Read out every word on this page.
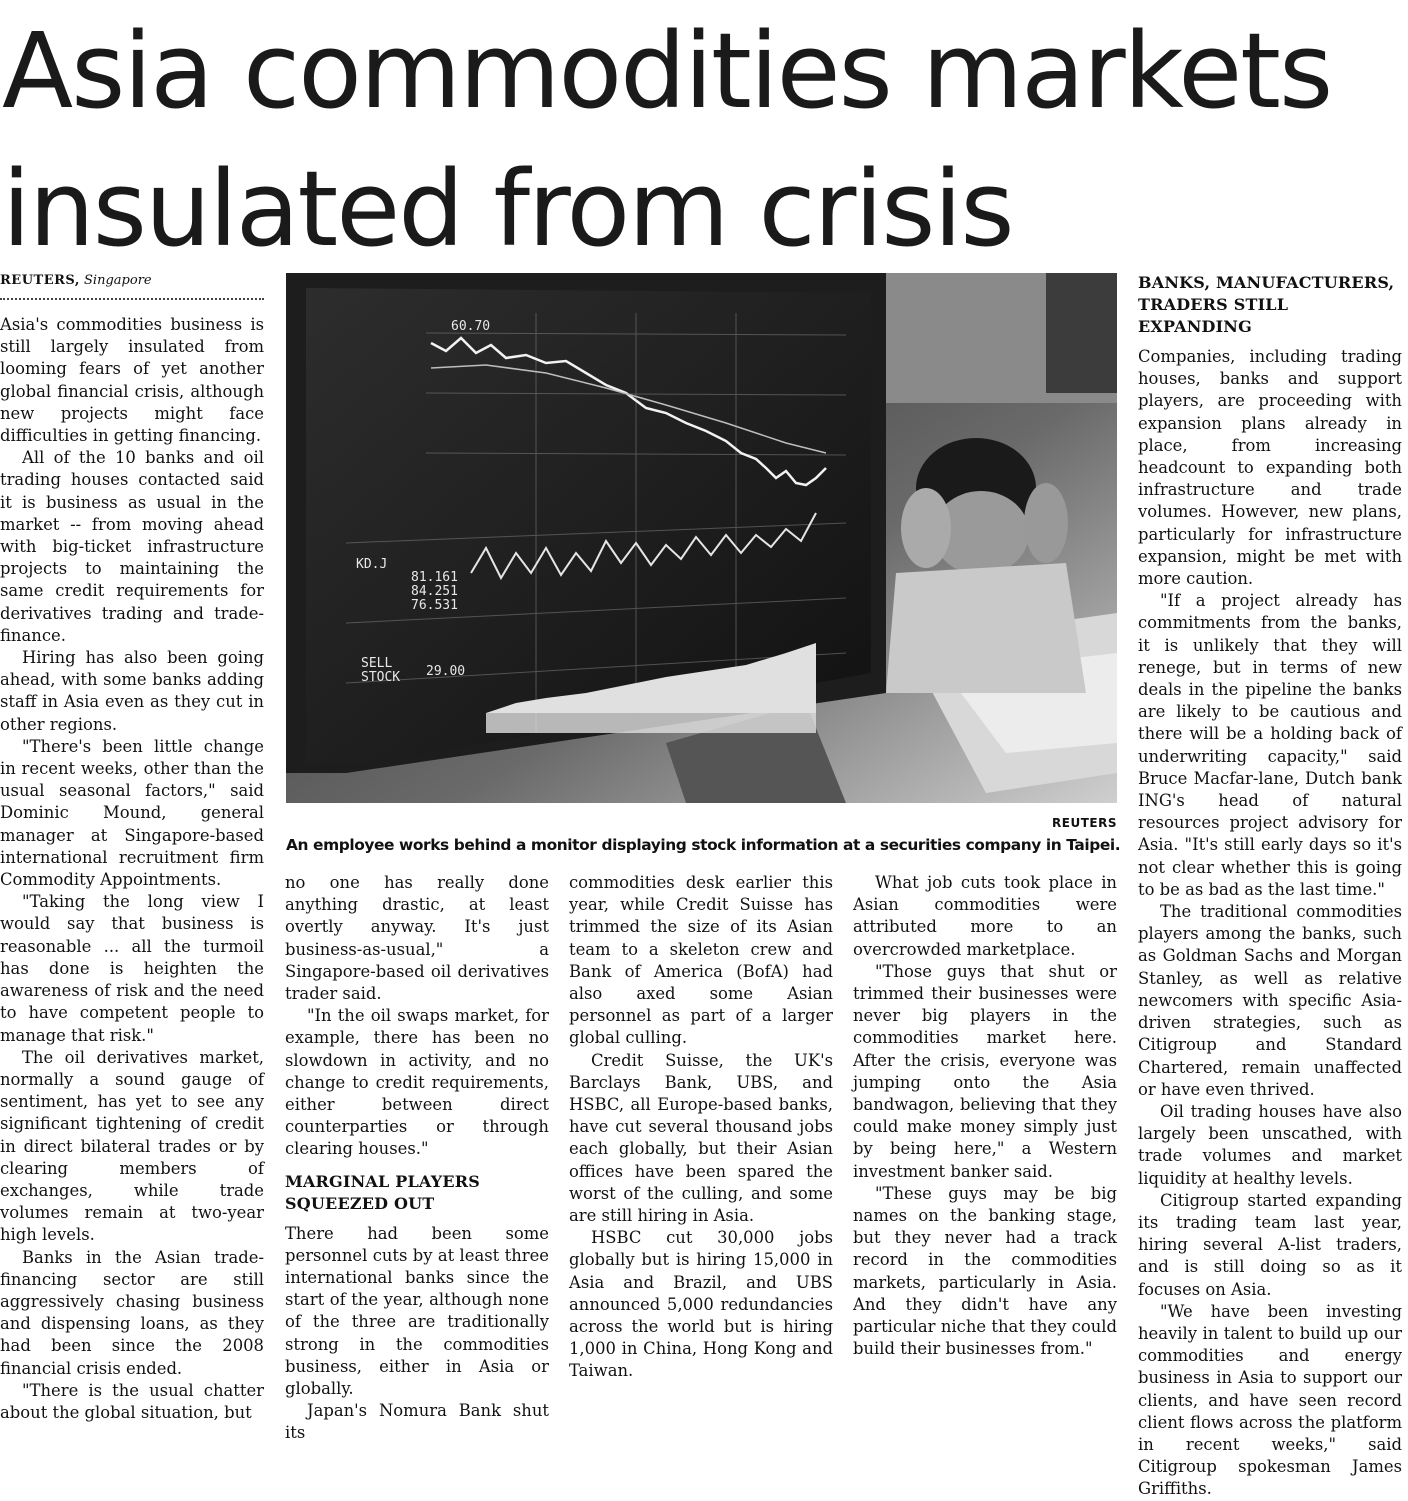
Asia commodities markets insulated from crisis
REUTERS, Singapore

Asia's commodities business is still largely insulated from looming fears of yet another global financial crisis, although new projects might face difficulties in getting financing.

All of the 10 banks and oil trading houses contacted said it is business as usual in the market -- from moving ahead with big-ticket infrastructure projects to maintaining the same credit requirements for derivatives trading and trade-finance.

Hiring has also been going ahead, with some banks adding staff in Asia even as they cut in other regions.

"There's been little change in recent weeks, other than the usual seasonal factors," said Dominic Mound, general manager at Singapore-based international recruitment firm Commodity Appointments.

"Taking the long view I would say that business is reasonable ... all the turmoil has done is heighten the awareness of risk and the need to have competent people to manage that risk."

The oil derivatives market, normally a sound gauge of sentiment, has yet to see any significant tightening of credit in direct bilateral trades or by clearing members of exchanges, while trade volumes remain at two-year high levels.

Banks in the Asian trade-financing sector are still aggressively chasing business and dispensing loans, as they had been since the 2008 financial crisis ended.

"There is the usual chatter about the global situation, but

60.70
KD.J
81.161
84.251
76.531
SELL
STOCK 29.00
REUTERS
An employee works behind a monitor displaying stock information at a securities company in Taipei.

no one has really done anything drastic, at least overtly anyway. It's just business-as-usual," a Singapore-based oil derivatives trader said.

"In the oil swaps market, for example, there has been no slowdown in activity, and no change to credit requirements, either between direct counterparties or through clearing houses."

MARGINAL PLAYERS SQUEEZED OUT

There had been some personnel cuts by at least three international banks since the start of the year, although none of the three are traditionally strong in the commodities business, either in Asia or globally.

Japan's Nomura Bank shut its

commodities desk earlier this year, while Credit Suisse has trimmed the size of its Asian team to a skeleton crew and Bank of America (BofA) had also axed some Asian personnel as part of a larger global culling.

Credit Suisse, the UK's Barclays Bank, UBS, and HSBC, all Europe-based banks, have cut several thousand jobs each globally, but their Asian offices have been spared the worst of the culling, and some are still hiring in Asia.

HSBC cut 30,000 jobs globally but is hiring 15,000 in Asia and Brazil, and UBS announced 5,000 redundancies across the world but is hiring 1,000 in China, Hong Kong and Taiwan.

What job cuts took place in Asian commodities were attributed more to an overcrowded marketplace.

"Those guys that shut or trimmed their businesses were never big players in the commodities market here. After the crisis, everyone was jumping onto the Asia bandwagon, believing that they could make money simply just by being here," a Western investment banker said.

"These guys may be big names on the banking stage, but they never had a track record in the commodities markets, particularly in Asia. And they didn't have any particular niche that they could build their businesses from."

BANKS, MANUFACTURERS, TRADERS STILL EXPANDING

Companies, including trading houses, banks and support players, are proceeding with expansion plans already in place, from increasing headcount to expanding both infrastructure and trade volumes. However, new plans, particularly for infrastructure expansion, might be met with more caution.

"If a project already has commitments from the banks, it is unlikely that they will renege, but in terms of new deals in the pipeline the banks are likely to be cautious and there will be a holding back of underwriting capacity," said Bruce Macfar-lane, Dutch bank ING's head of natural resources project advisory for Asia. "It's still early days so it's not clear whether this is going to be as bad as the last time."

The traditional commodities players among the banks, such as Goldman Sachs and Morgan Stanley, as well as relative newcomers with specific Asia-driven strategies, such as Citigroup and Standard Chartered, remain unaffected or have even thrived.

Oil trading houses have also largely been unscathed, with trade volumes and market liquidity at healthy levels.

Citigroup started expanding its trading team last year, hiring several A-list traders, and is still doing so as it focuses on Asia.

"We have been investing heavily in talent to build up our commodities and energy business in Asia to support our clients, and have seen record client flows across the platform in recent weeks," said Citigroup spokesman James Griffiths.
